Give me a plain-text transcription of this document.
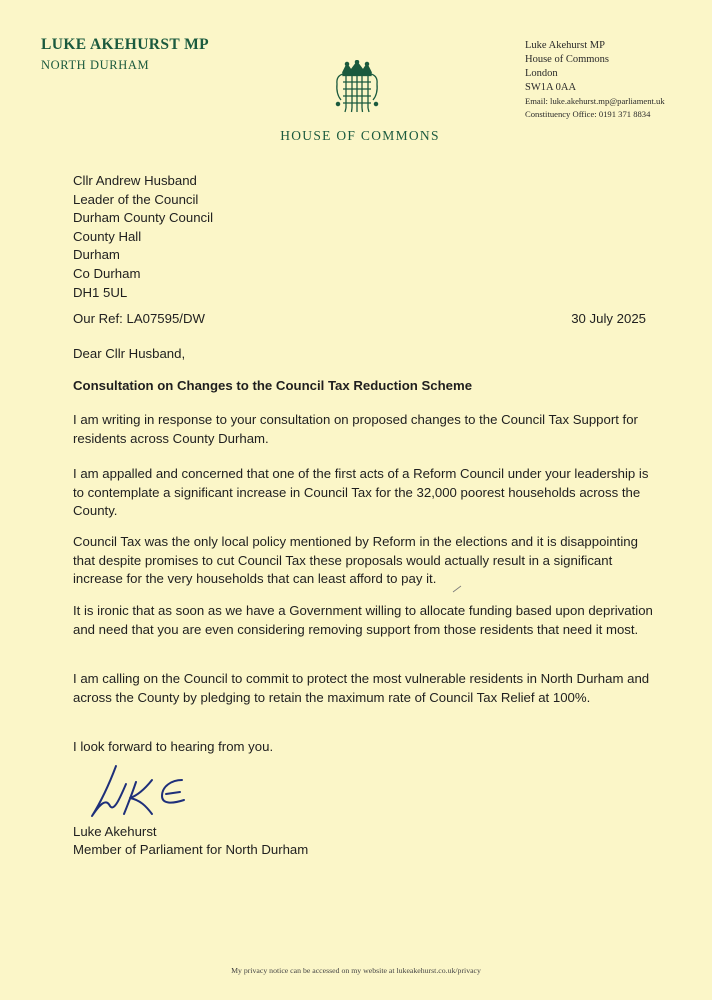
LUKE AKEHURST MP
NORTH DURHAM
HOUSE OF COMMONS
Luke Akehurst MP
House of Commons
London
SW1A 0AA
Email: luke.akehurst.mp@parliament.uk
Constituency Office: 0191 371 8834
Cllr Andrew Husband
Leader of the Council
Durham County Council
County Hall
Durham
Co Durham
DH1 5UL
Our Ref: LA07595/DW	30 July 2025
Dear Cllr Husband,
Consultation on Changes to the Council Tax Reduction Scheme
I am writing in response to your consultation on proposed changes to the Council Tax Support for residents across County Durham.
I am appalled and concerned that one of the first acts of a Reform Council under your leadership is to contemplate a significant increase in Council Tax for the 32,000 poorest households across the County.
Council Tax was the only local policy mentioned by Reform in the elections and it is disappointing that despite promises to cut Council Tax these proposals would actually result in a significant increase for the very households that can least afford to pay it.
It is ironic that as soon as we have a Government willing to allocate funding based upon deprivation and need that you are even considering removing support from those residents that need it most.
I am calling on the Council to commit to protect the most vulnerable residents in North Durham and across the County by pledging to retain the maximum rate of Council Tax Relief at 100%.
I look forward to hearing from you.
Luke Akehurst
Member of Parliament for North Durham
My privacy notice can be accessed on my website at lukeakehurst.co.uk/privacy
